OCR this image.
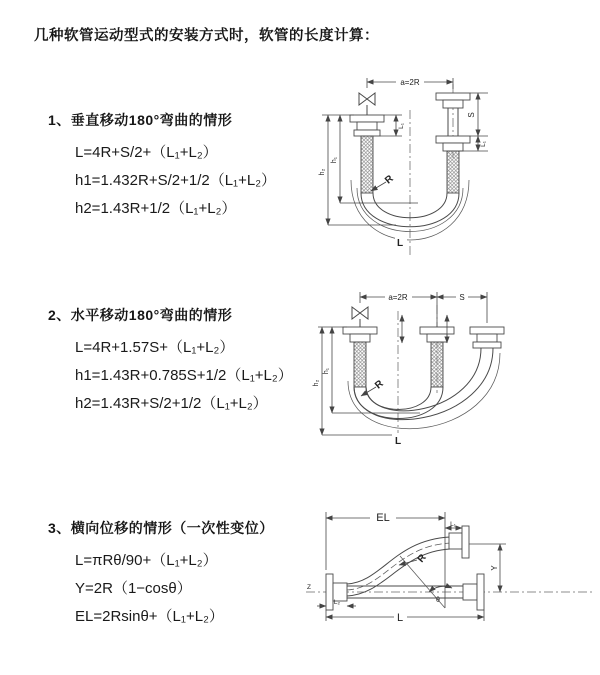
几种软管运动型式的安装方式时，软管的长度计算：
1、垂直移动180°弯曲的情形
L=4R+S/2+（L₁+L₂）
h1=1.432R+S/2+1/2（L₁+L₂）
h2=1.43R+1/2（L₁+L₂）
2、水平移动180°弯曲的情形
L=4R+1.57S+（L₁+L₂）
h1=1.43R+0.785S+1/2（L₁+L₂）
h2=1.43R+S/2+1/2（L₁+L₂）
3、横向位移的情形（一次性变位）
L=πRθ/90+（L₁+L₂）
Y=2R（1−cosθ）
EL=2Rsinθ+（L₁+L₂）
a=2R
h₁
h₂
L₁
S
L₁
R
L
a=2R	S
h₁
h₂	R
L
Z
EL
L₁
θ
R
Y
L₂
L
